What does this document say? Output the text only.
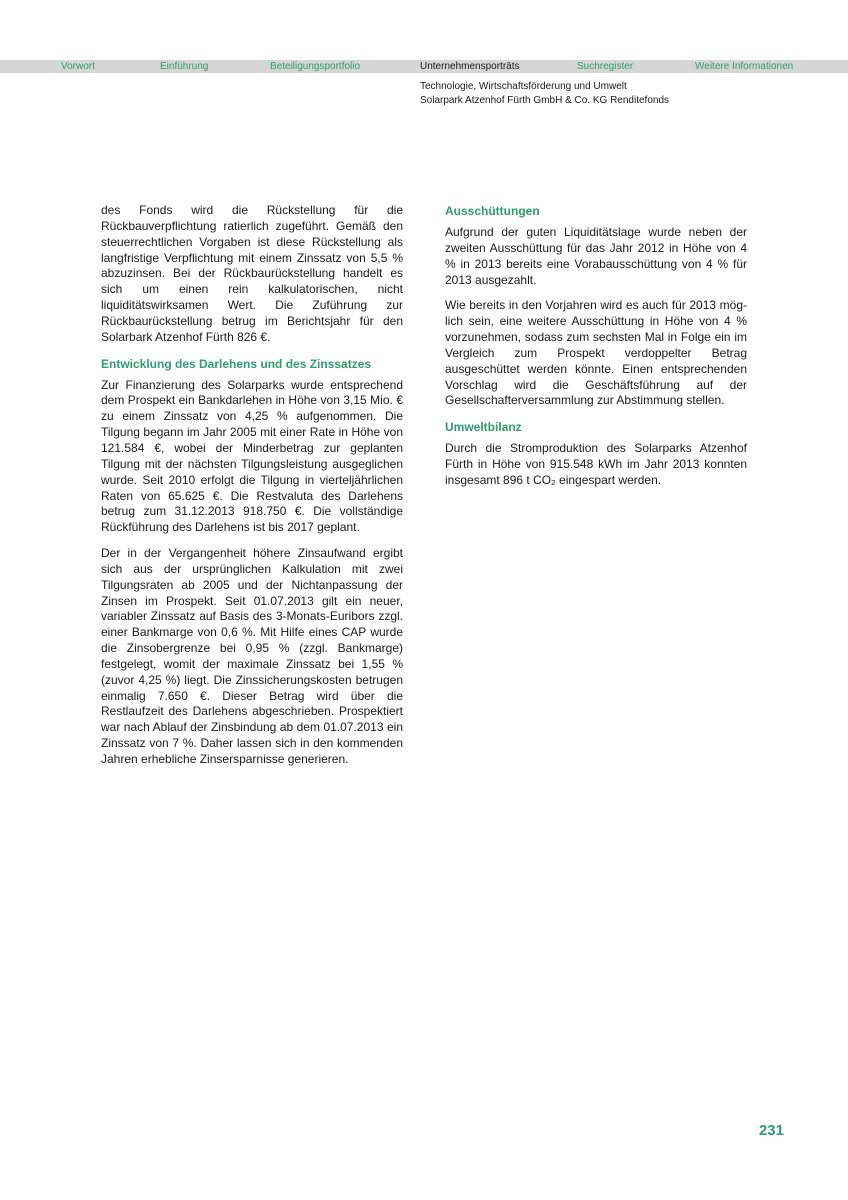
Vorwort	Einführung	Beteiligungsportfolio	Unternehmensporträts	Suchregister	Weitere Informationen
Technologie, Wirtschaftsförderung und Umwelt
Solarpark Atzenhof Fürth GmbH & Co. KG Renditefonds

des Fonds wird die Rückstellung für die Rückbauverpflichtung ratierlich zugeführt. Gemäß den steuerrechtlichen Vorgaben ist diese Rückstellung als langfristige Verpflichtung mit einem Zinssatz von 5,5 % abzuzinsen. Bei der Rückbaurückstellung handelt es sich um einen rein kalkulatorischen, nicht liquiditätswirksamen Wert. Die Zuführung zur Rückbaurückstellung betrug im Berichtsjahr für den Solarbark Atzenhof Fürth 826 €.

Entwicklung des Darlehens und des Zinssatzes

Zur Finanzierung des Solarparks wurde entsprechend dem Prospekt ein Bankdarlehen in Höhe von 3,15 Mio. € zu einem Zinssatz von 4,25 % aufgenommen. Die Tilgung begann im Jahr 2005 mit einer Rate in Höhe von 121.584 €, wobei der Minderbetrag zur geplanten Tilgung mit der nächsten Tilgungsleistung ausgeglichen wurde. Seit 2010 erfolgt die Tilgung in vierteljährlichen Raten von 65.625 €. Die Restvaluta des Darlehens betrug zum 31.12.2013 918.750 €. Die vollständige Rückführung des Darlehens ist bis 2017 geplant.

Der in der Vergangenheit höhere Zinsaufwand ergibt sich aus der ursprünglichen Kalkulation mit zwei Tilgungsraten ab 2005 und der Nichtanpassung der Zinsen im Prospekt. Seit 01.07.2013 gilt ein neuer, variabler Zinssatz auf Basis des 3-Monats-Euribors zzgl. einer Bankmarge von 0,6 %. Mit Hilfe eines CAP wurde die Zinsobergrenze bei 0,95 % (zzgl. Bankmarge) festgelegt, womit der maximale Zinssatz bei 1,55 % (zuvor 4,25 %) liegt. Die Zinssicherungskosten betrugen einmalig 7.650 €. Dieser Betrag wird über die Restlaufzeit des Darlehens abgeschrieben. Prospektiert war nach Ablauf der Zinsbindung ab dem 01.07.2013 ein Zinssatz von 7 %. Daher lassen sich in den kommenden Jahren erhebliche Zinsersparnisse generieren.

Ausschüttungen

Aufgrund der guten Liquiditätslage wurde neben der zweiten Ausschüttung für das Jahr 2012 in Höhe von 4 % in 2013 bereits eine Vorabausschüttung von 4 % für 2013 ausgezahlt.

Wie bereits in den Vorjahren wird es auch für 2013 möglich sein, eine weitere Ausschüttung in Höhe von 4 % vorzunehmen, sodass zum sechsten Mal in Folge ein im Vergleich zum Prospekt verdoppelter Betrag ausgeschüttet werden könnte. Einen entsprechenden Vorschlag wird die Geschäftsführung auf der Gesellschafterversammlung zur Abstimmung stellen.

Umweltbilanz

Durch die Stromproduktion des Solarparks Atzenhof Fürth in Höhe von 915.548 kWh im Jahr 2013 konnten insgesamt 896 t CO₂ eingespart werden.

231
